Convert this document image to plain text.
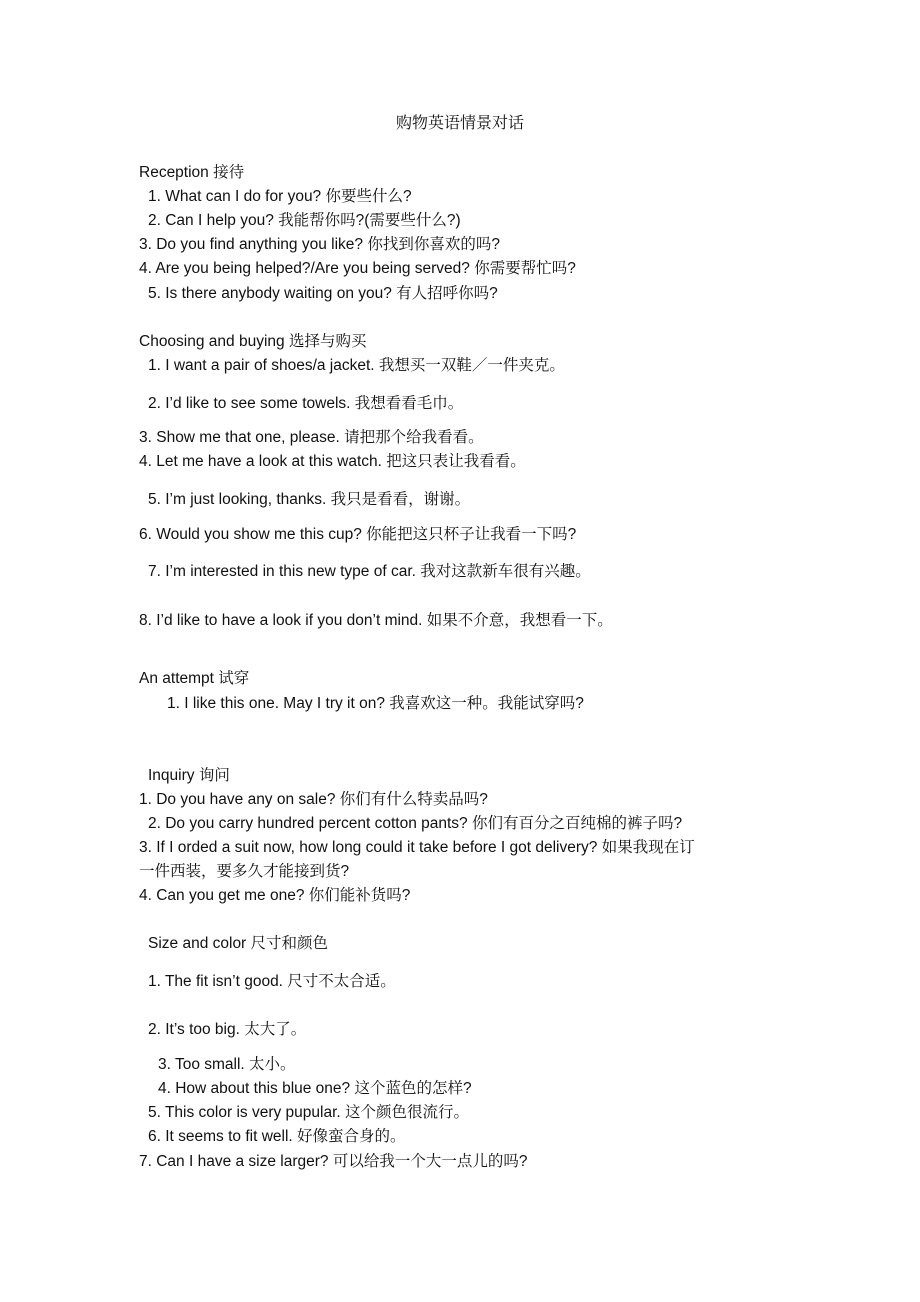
购物英语情景对话
Reception 接待
1. What can I do for you? 你要些什么?
2. Can I help you? 我能帮你吗?(需要些什么?)
3. Do you find anything you like? 你找到你喜欢的吗?
4. Are you being helped?/Are you being served? 你需要帮忙吗?
5. Is there anybody waiting on you? 有人招呼你吗?
Choosing and buying 选择与购买
1. I want a pair of shoes/a jacket. 我想买一双鞋／一件夹克。
2. I’d like to see some towels. 我想看看毛巾。
3. Show me that one, please. 请把那个给我看看。
4. Let me have a look at this watch. 把这只表让我看看。
5. I’m just looking, thanks. 我只是看看，谢谢。
6. Would you show me this cup? 你能把这只杯子让我看一下吗?
7. I’m interested in this new type of car. 我对这款新车很有兴趣。
8. I’d like to have a look if you don’t mind. 如果不介意，我想看一下。
An attempt 试穿
1. I like this one. May I try it on? 我喜欢这一种。我能试穿吗?
Inquiry 询问
1. Do you have any on sale? 你们有什么特卖品吗?
2. Do you carry hundred percent cotton pants? 你们有百分之百纯棉的裤子吗?
3. If I orded a suit now, how long could it take before I got delivery? 如果我现在订
一件西装，要多久才能接到货?
4. Can you get me one? 你们能补货吗?
Size and color 尺寸和颜色
1. The fit isn’t good. 尺寸不太合适。
2. It’s too big. 太大了。
3. Too small. 太小。
4. How about this blue one? 这个蓝色的怎样?
5. This color is very pupular. 这个颜色很流行。
6. It seems to fit well. 好像蛮合身的。
7. Can I have a size larger? 可以给我一个大一点儿的吗?
